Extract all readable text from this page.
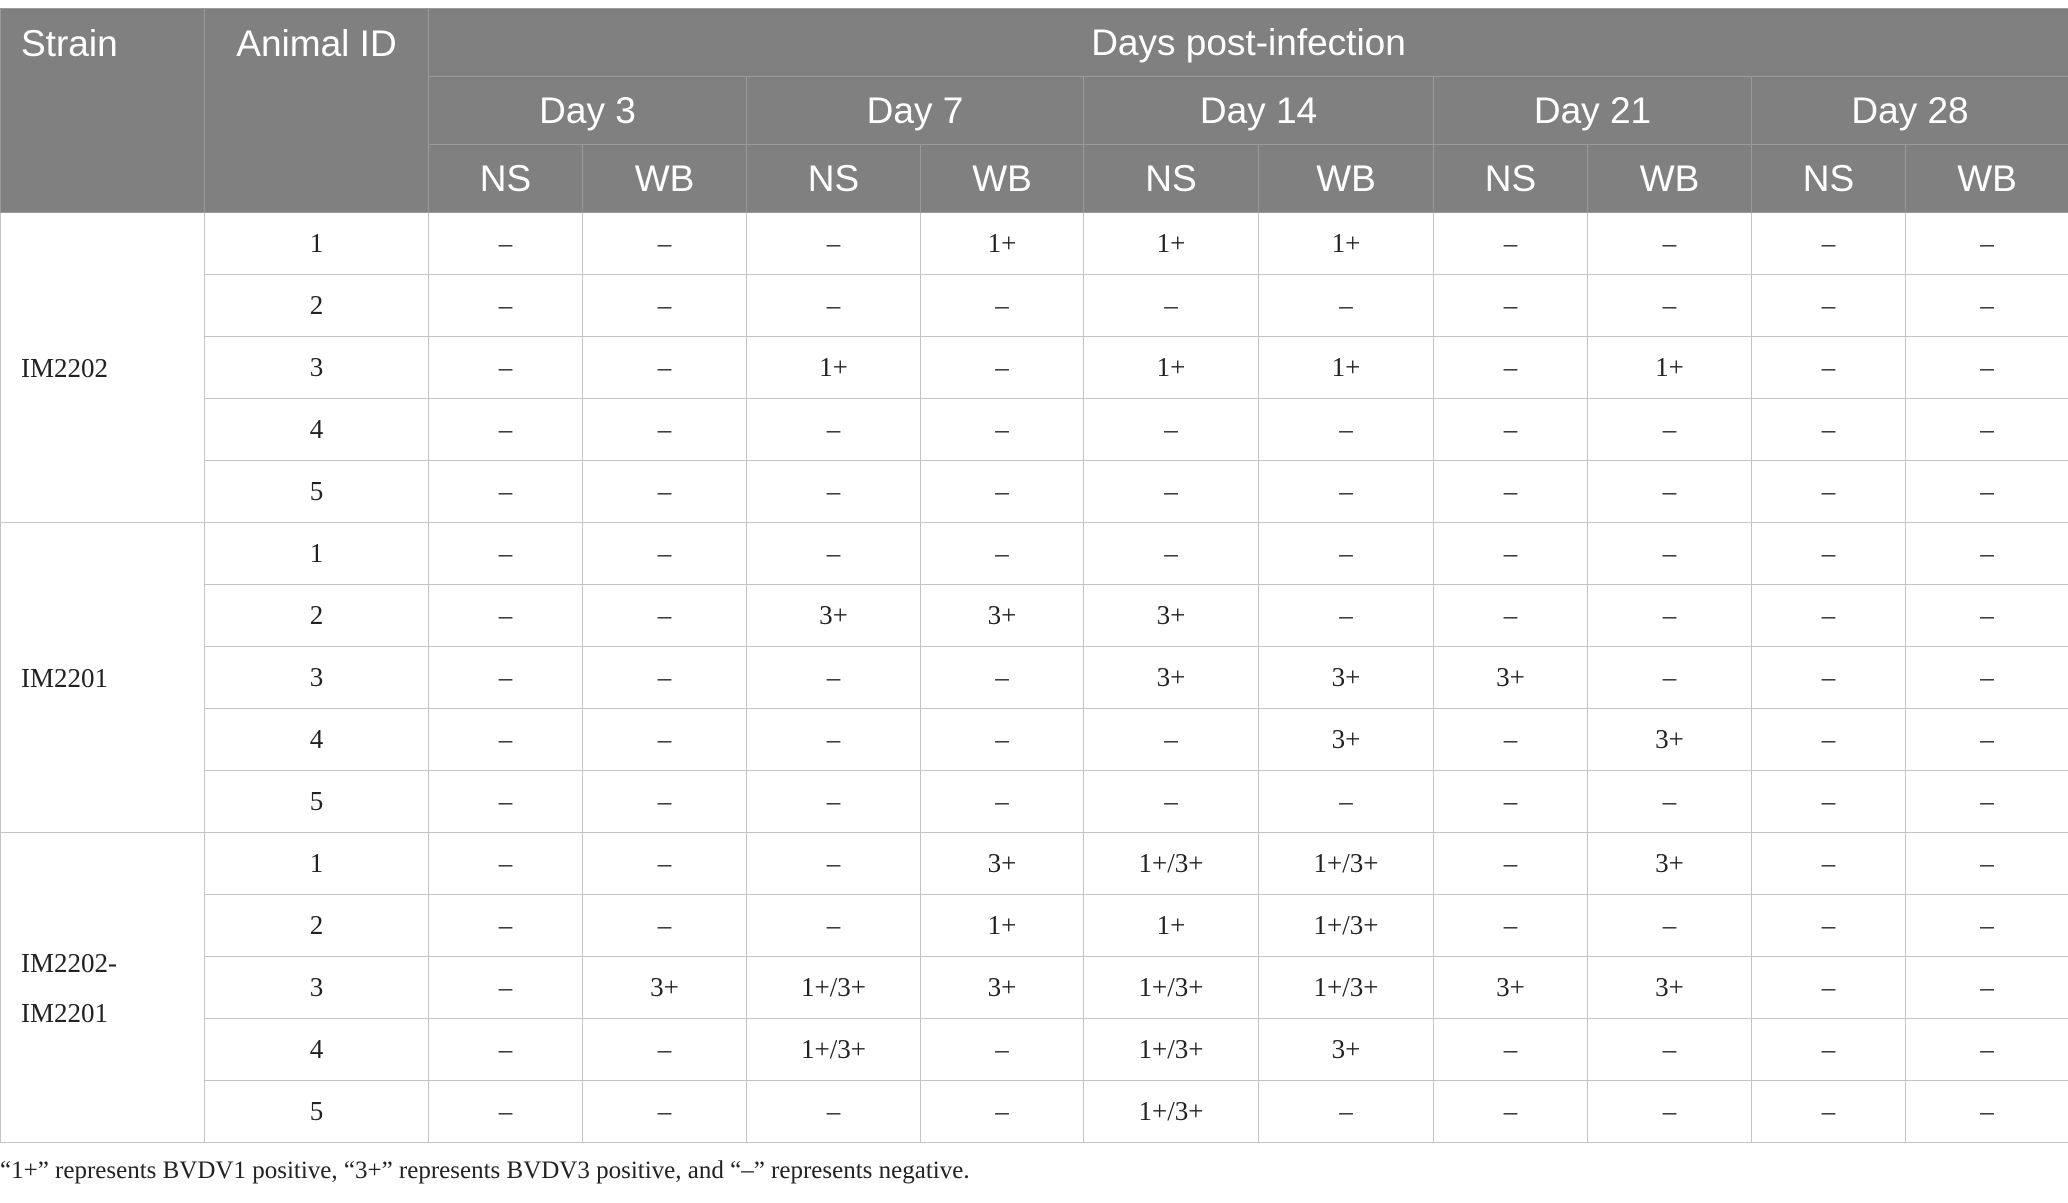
Strain	Animal ID	Days post-infection									
		Day 3		Day 7		Day 14		Day 21		Day 28	
		NS	WB	NS	WB	NS	WB	NS	WB	NS	WB
IM2202	1	–	–	–	1+	1+	1+	–	–	–	–
	2	–	–	–	–	–	–	–	–	–	–
	3	–	–	1+	–	1+	1+	–	1+	–	–
	4	–	–	–	–	–	–	–	–	–	–
	5	–	–	–	–	–	–	–	–	–	–
IM2201	1	–	–	–	–	–	–	–	–	–	–
	2	–	–	3+	3+	3+	–	–	–	–	–
	3	–	–	–	–	3+	3+	3+	–	–	–
	4	–	–	–	–	–	3+	–	3+	–	–
	5	–	–	–	–	–	–	–	–	–	–
IM2202-
IM2201	1	–	–	–	3+	1+/3+	1+/3+	–	3+	–	–
	2	–	–	–	1+	1+	1+/3+	–	–	–	–
	3	–	3+	1+/3+	3+	1+/3+	1+/3+	3+	3+	–	–
	4	–	–	1+/3+	–	1+/3+	3+	–	–	–	–
	5	–	–	–	–	1+/3+	–	–	–	–	–

“1+” represents BVDV1 positive, “3+” represents BVDV3 positive, and “–” represents negative.
